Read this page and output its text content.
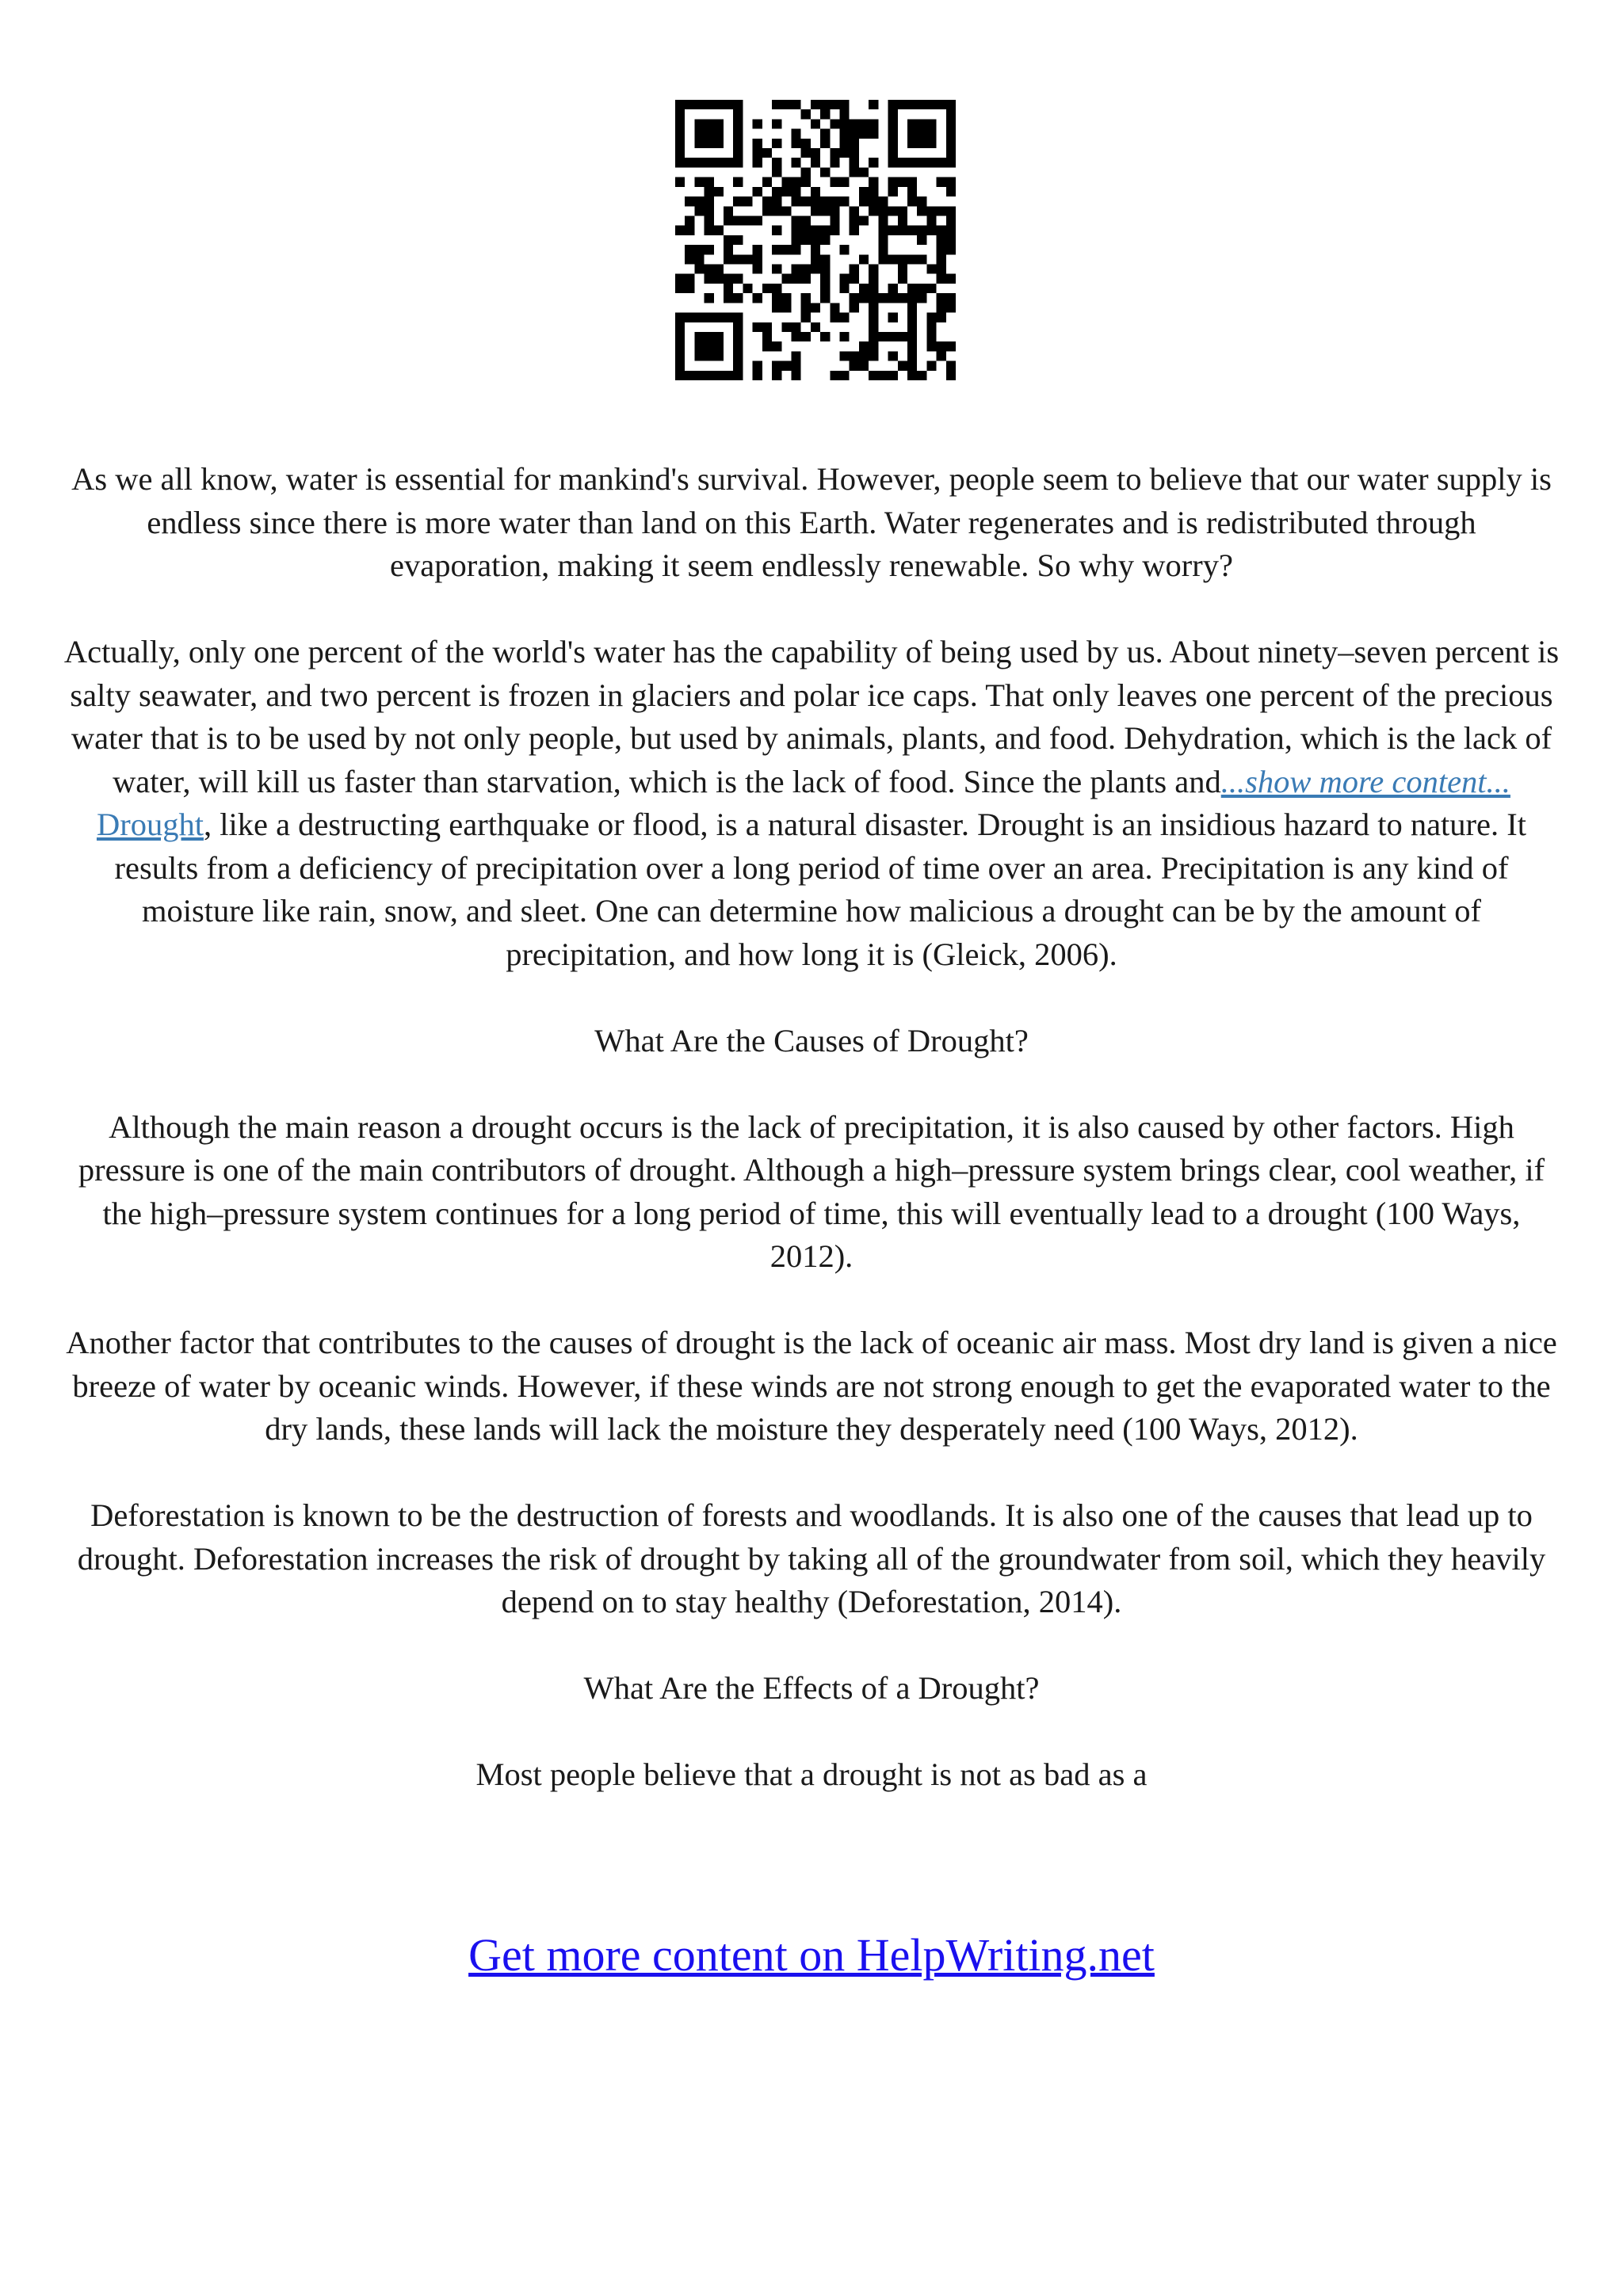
As we all know, water is essential for mankind's survival. However, people seem to believe that our water supply is endless since there is more water than land on this Earth. Water regenerates and is redistributed through evaporation, making it seem endlessly renewable. So why worry?

Actually, only one percent of the world's water has the capability of being used by us. About ninety–seven percent is salty seawater, and two percent is frozen in glaciers and polar ice caps. That only leaves one percent of the precious water that is to be used by not only people, but used by animals, plants, and food. Dehydration, which is the lack of water, will kill us faster than starvation, which is the lack of food. Since the plants and...show more content...

Drought, like a destructing earthquake or flood, is a natural disaster. Drought is an insidious hazard to nature. It results from a deficiency of precipitation over a long period of time over an area. Precipitation is any kind of moisture like rain, snow, and sleet. One can determine how malicious a drought can be by the amount of precipitation, and how long it is (Gleick, 2006).

What Are the Causes of Drought?

Although the main reason a drought occurs is the lack of precipitation, it is also caused by other factors. High pressure is one of the main contributors of drought. Although a high–pressure system brings clear, cool weather, if the high–pressure system continues for a long period of time, this will eventually lead to a drought (100 Ways, 2012).

Another factor that contributes to the causes of drought is the lack of oceanic air mass. Most dry land is given a nice breeze of water by oceanic winds. However, if these winds are not strong enough to get the evaporated water to the dry lands, these lands will lack the moisture they desperately need (100 Ways, 2012).

Deforestation is known to be the destruction of forests and woodlands. It is also one of the causes that lead up to drought. Deforestation increases the risk of drought by taking all of the groundwater from soil, which they heavily depend on to stay healthy (Deforestation, 2014).

What Are the Effects of a Drought?

Most people believe that a drought is not as bad as a

Get more content on HelpWriting.net
